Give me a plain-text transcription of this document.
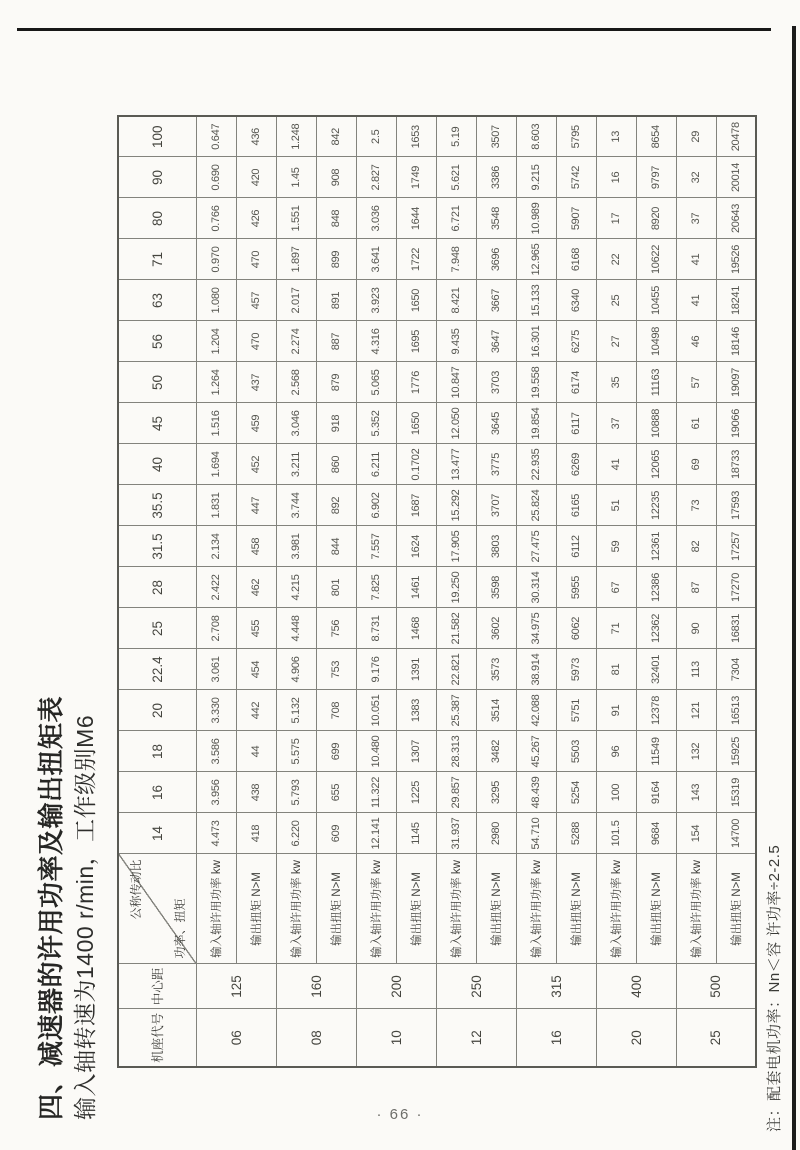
四、减速器的许用功率及输出扭矩表 输入轴转速为1400 r/min，工作级别M6	机座代号	中心距	公称传动比
功率、扭矩	14	16	18	20	22.4	25	28	31.5	35.5	40	45	50	56	63	71	80	90	100
06	125	输入轴许用功率 kw	4.473	3.956	3.586	3.330	3.061	2.708	2.422	2.134	1.831	1.694	1.516	1.264	1.204	1.080	0.970	0.766	0.690	0.647
		输出扭矩 N>M	418	438	44	442	454	455	462	458	447	452	459	437	470	457	470	426	420	436
08	160	输入轴许用功率 kw	6.220	5.793	5.575	5.132	4.906	4.448	4.215	3.981	3.744	3.211	3.046	2.568	2.274	2.017	1.897	1.551	1.45	1.248
		输出扭矩 N>M	609	655	699	708	753	756	801	844	892	860	918	879	887	891	899	848	908	842
10	200	输入轴许用功率 kw	12.141	11.322	10.480	10.051	9.176	8.731	7.825	7.557	6.902	6.211	5.352	5.065	4.316	3.923	3.641	3.036	2.827	2.5
		输出扭矩 N>M	1145	1225	1307	1383	1391	1468	1461	1624	1687	0.1702	1650	1776	1695	1650	1722	1644	1749	1653
12	250	输入轴许用功率 kw	31.937	29.857	28.313	25.387	22.821	21.582	19.250	17.905	15.292	13.477	12.050	10.847	9.435	8.421	7.948	6.721	5.621	5.19
		输出扭矩 N>M	2980	3295	3482	3514	3573	3602	3598	3803	3707	3775	3645	3703	3647	3667	3696	3548	3386	3507
16	315	输入轴许用功率 kw	54.710	48.439	45.267	42.088	38.914	34.975	30.314	27.475	25.824	22.935	19.854	19.558	16.301	15.133	12.965	10.989	9.215	8.603
		输出扭矩 N>M	5288	5254	5503	5751	5973	6062	5955	6112	6165	6269	6117	6174	6275	6340	6168	5907	5742	5795
20	400	输入轴许用功率 kw	101.5	100	96	91	81	71	67	59	51	41	37	35	27	25	22	17	16	13
		输出扭矩 N>M	9684	9164	11549	12378	32401	12362	12386	12361	12235	12065	10888	11163	10498	10455	10622	8920	9797	8654
25	500	输入轴许用功率 kw	154	143	132	121	113	90	87	82	73	69	61	57	46	41	41	37	32	29
		输出扭矩 N>M	14700	15319	15925	16513	7304	16831	17270	17257	17593	18733	19066	19097	18146	18241	19526	20643	20014	20478
注：配套电机功率：Nn＜容 许功率÷2-2.5
· 66 ·
